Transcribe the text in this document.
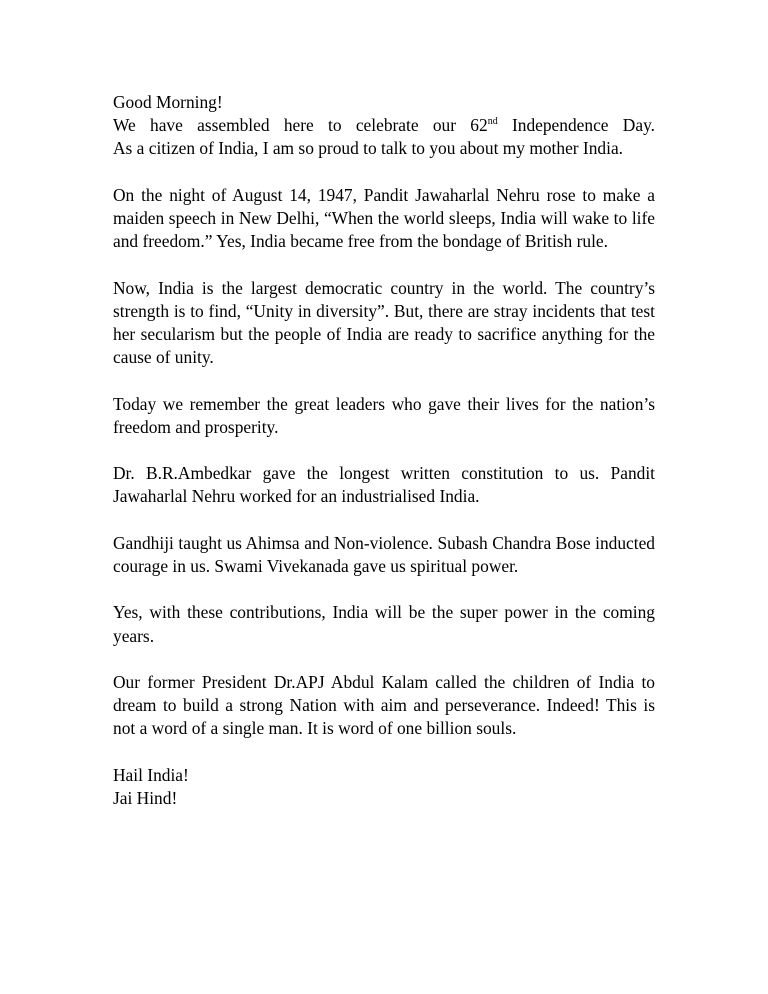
Good Morning!
We have assembled here to celebrate our 62nd Independence Day.
As a citizen of India, I am so proud to talk to you about my mother India.

On the night of August 14, 1947, Pandit Jawaharlal Nehru rose to make a maiden speech in New Delhi, “When the world sleeps, India will wake to life and freedom.” Yes, India became free from the bondage of British rule.

Now, India is the largest democratic country in the world. The country’s strength is to find, “Unity in diversity”. But, there are stray incidents that test her secularism but the people of India are ready to sacrifice anything for the cause of unity.

Today we remember the great leaders who gave their lives for the nation’s freedom and prosperity.

Dr. B.R.Ambedkar gave the longest written constitution to us. Pandit Jawaharlal Nehru worked for an industrialised India.

Gandhiji taught us Ahimsa and Non-violence. Subash Chandra Bose inducted courage in us. Swami Vivekanada gave us spiritual power.

Yes, with these contributions, India will be the super power in the coming years.

Our former President Dr.APJ Abdul Kalam called the children of India to dream to build a strong Nation with aim and perseverance. Indeed! This is not a word of a single man. It is word of one billion souls.

Hail India!
Jai Hind!
